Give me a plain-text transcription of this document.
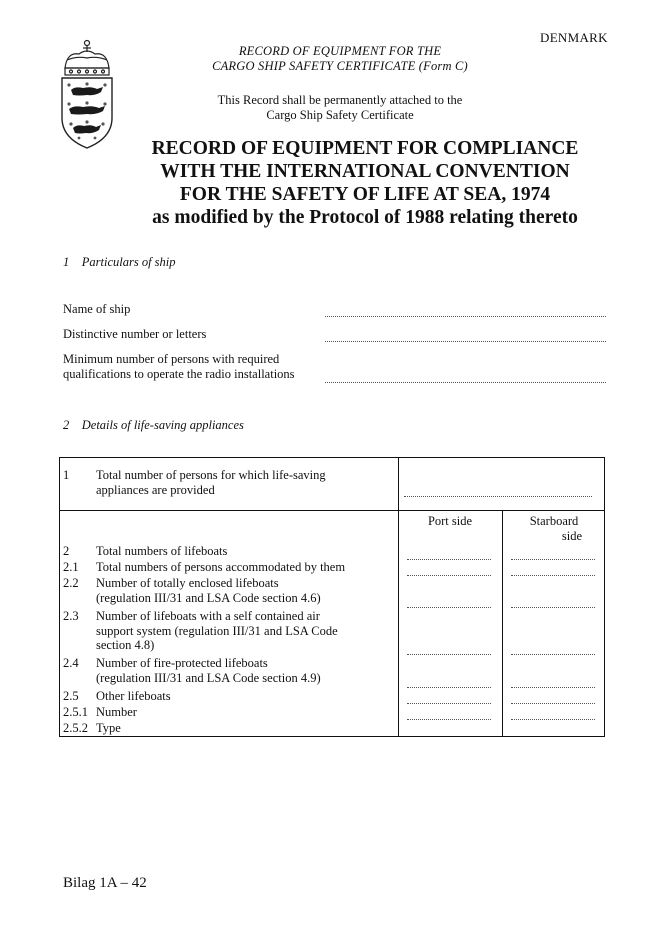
DENMARK
RECORD OF EQUIPMENT FOR THE
CARGO SHIP SAFETY CERTIFICATE (Form C)
This Record shall be permanently attached to the
Cargo Ship Safety Certificate
RECORD OF EQUIPMENT FOR COMPLIANCE
WITH THE INTERNATIONAL CONVENTION
FOR THE SAFETY OF LIFE AT SEA, 1974
as modified by the Protocol of 1988 relating thereto
1    Particulars of ship
Name of ship
Distinctive number or letters
Minimum number of persons with required
qualifications to operate the radio installations
2    Details of life-saving appliances
1 Total number of persons for which life-saving
appliances are provided
Port side	Starboard
side
2 Total numbers of lifeboats
2.1 Total numbers of persons accommodated by them
2.2 Number of totally enclosed lifeboats
(regulation III/31 and LSA Code section 4.6)
2.3 Number of lifeboats with a self contained air
support system (regulation III/31 and LSA Code
section 4.8)
2.4 Number of fire-protected lifeboats
(regulation III/31 and LSA Code section 4.9)
2.5 Other lifeboats
2.5.1 Number
2.5.2 Type
Bilag 1A – 42
